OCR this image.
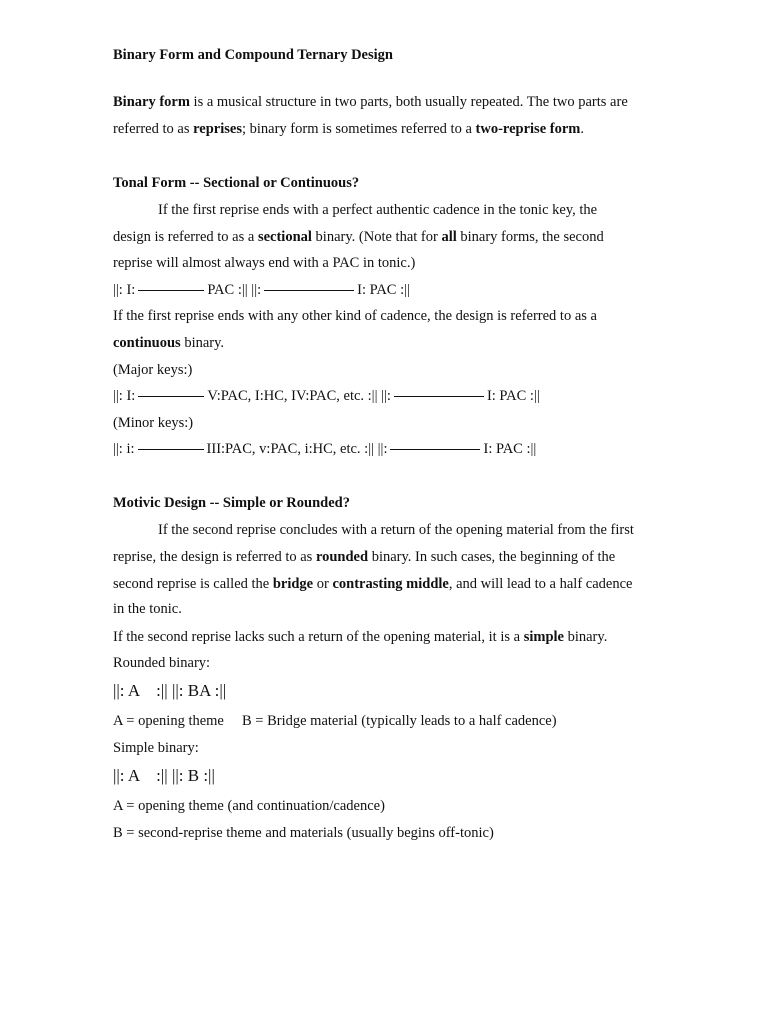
Binary Form and Compound Ternary Design
Binary form is a musical structure in two parts, both usually repeated. The two parts are
referred to as reprises; binary form is sometimes referred to a two-reprise form.
Tonal Form -- Sectional or Continuous?
If the first reprise ends with a perfect authentic cadence in the tonic key, the
design is referred to as a sectional binary. (Note that for all binary forms, the second
reprise will almost always end with a PAC in tonic.)
||: I:	PAC :|| ||:	I: PAC :||
If the first reprise ends with any other kind of cadence, the design is referred to as a
continuous binary.
(Major keys:)
||: I:	V:PAC, I:HC, IV:PAC, etc. :|| ||:	I: PAC :||
(Minor keys:)
||: i:	III:PAC, v:PAC, i:HC, etc. :|| ||:	I: PAC :||
Motivic Design -- Simple or Rounded?
If the second reprise concludes with a return of the opening material from the first
reprise, the design is referred to as rounded binary. In such cases, the beginning of the
second reprise is called the bridge or contrasting middle, and will lead to a half cadence
in the tonic.
If the second reprise lacks such a return of the opening material, it is a simple binary.
Rounded binary:
||: A    :|| ||: BA :||
A = opening theme     B = Bridge material (typically leads to a half cadence)
Simple binary:
||: A    :|| ||: B :||
A = opening theme (and continuation/cadence)
B = second-reprise theme and materials (usually begins off-tonic)
